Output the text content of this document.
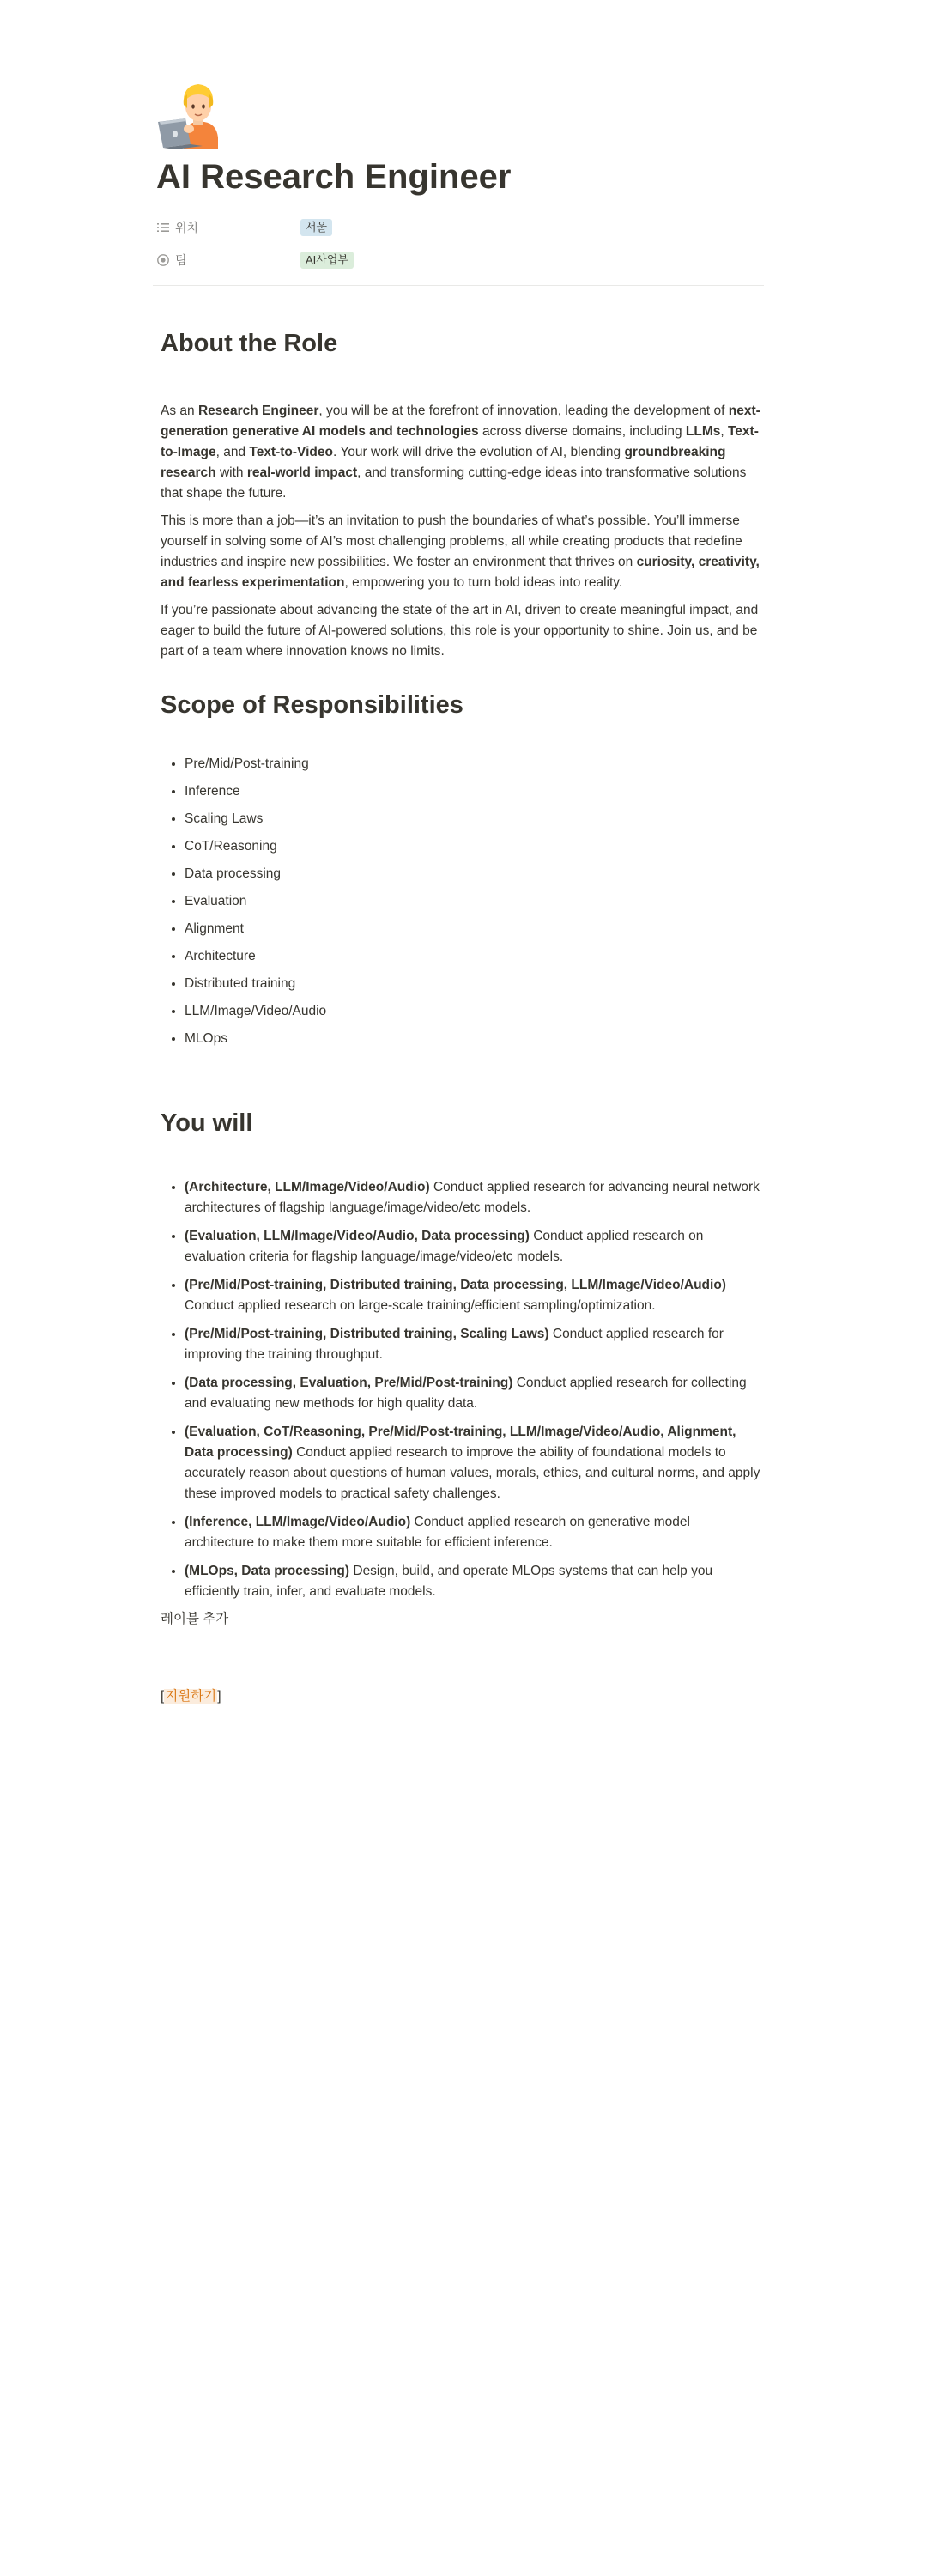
AI Research Engineer
위치	서울
팀	AI사업부
About the Role

As an Research Engineer, you will be at the forefront of innovation, leading the development of next-generation generative AI models and technologies across diverse domains, including LLMs, Text-to-Image, and Text-to-Video. Your work will drive the evolution of AI, blending groundbreaking research with real-world impact, and transforming cutting-edge ideas into transformative solutions that shape the future.

This is more than a job—it’s an invitation to push the boundaries of what’s possible. You’ll immerse yourself in solving some of AI’s most challenging problems, all while creating products that redefine industries and inspire new possibilities. We foster an environment that thrives on curiosity, creativity, and fearless experimentation, empowering you to turn bold ideas into reality.

If you’re passionate about advancing the state of the art in AI, driven to create meaningful impact, and eager to build the future of AI-powered solutions, this role is your opportunity to shine. Join us, and be part of a team where innovation knows no limits.

Scope of Responsibilities
• Pre/Mid/Post-training
• Inference
• Scaling Laws
• CoT/Reasoning
• Data processing
• Evaluation
• Alignment
• Architecture
• Distributed training
• LLM/Image/Video/Audio
• MLOps
You will
• (Architecture, LLM/Image/Video/Audio) Conduct applied research for advancing neural network architectures of flagship language/image/video/etc models.
• (Evaluation, LLM/Image/Video/Audio, Data processing) Conduct applied research on evaluation criteria for flagship language/image/video/etc models.
• (Pre/Mid/Post-training, Distributed training, Data processing, LLM/Image/Video/Audio) Conduct applied research on large-scale training/efficient sampling/optimization.
• (Pre/Mid/Post-training, Distributed training, Scaling Laws) Conduct applied research for improving the training throughput.
• (Data processing, Evaluation, Pre/Mid/Post-training) Conduct applied research for collecting and evaluating new methods for high quality data.
• (Evaluation, CoT/Reasoning, Pre/Mid/Post-training, LLM/Image/Video/Audio, Alignment, Data processing) Conduct applied research to improve the ability of foundational models to accurately reason about questions of human values, morals, ethics, and cultural norms, and apply these improved models to practical safety challenges.
• (Inference, LLM/Image/Video/Audio) Conduct applied research on generative model architecture to make them more suitable for efficient inference.
• (MLOps, Data processing) Design, build, and operate MLOps systems that can help you efficiently train, infer, and evaluate models.
레이블 추가
[지원하기]
